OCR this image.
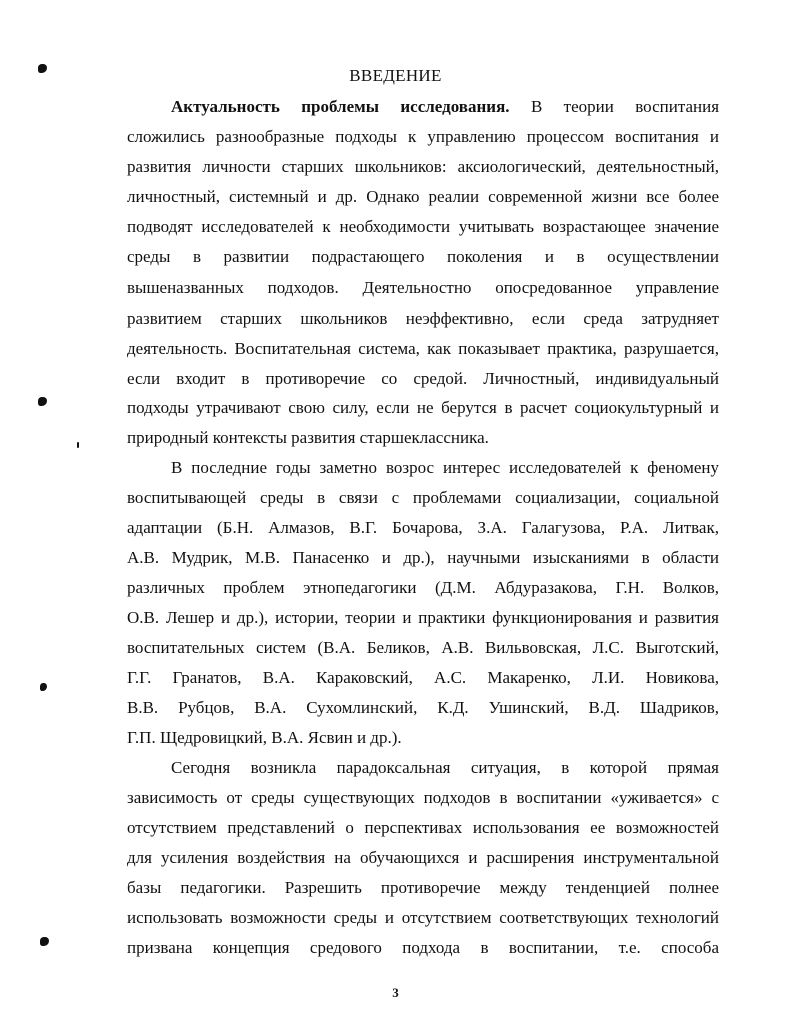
ВВЕДЕНИЕ
Актуальность проблемы исследования. В теории воспитания
сложились разнообразные подходы к управлению процессом воспитания и
развития личности старших школьников: аксиологический, деятельностный,
личностный, системный и др. Однако реалии современной жизни все более
подводят исследователей к необходимости учитывать возрастающее значение
среды в развитии подрастающего поколения и в осуществлении
вышеназванных подходов. Деятельностно опосредованное управление
развитием старших школьников неэффективно, если среда затрудняет
деятельность. Воспитательная система, как показывает практика, разрушается,
если входит в противоречие со средой. Личностный, индивидуальный
подходы утрачивают свою силу, если не берутся в расчет социокультурный и
природный контексты развития старшеклассника.
В последние годы заметно возрос интерес исследователей к феномену
воспитывающей среды в связи с проблемами социализации, социальной
адаптации (Б.Н. Алмазов, В.Г. Бочарова, З.А. Галагузова, Р.А. Литвак,
А.В. Мудрик, М.В. Панасенко и др.), научными изысканиями в области
различных проблем этнопедагогики (Д.М. Абдуразакова, Г.Н. Волков,
О.В. Лешер и др.), истории, теории и практики функционирования и развития
воспитательных систем (В.А. Беликов, А.В. Вильвовская, Л.С. Выготский,
Г.Г. Гранатов, В.А. Караковский, А.С. Макаренко, Л.И. Новикова,
В.В. Рубцов, В.А. Сухомлинский, К.Д. Ушинский, В.Д. Шадриков,
Г.П. Щедровицкий, В.А. Ясвин и др.).
Сегодня возникла парадоксальная ситуация, в которой прямая
зависимость от среды существующих подходов в воспитании «уживается» с
отсутствием представлений о перспективах использования ее возможностей
для усиления воздействия на обучающихся и расширения инструментальной
базы педагогики. Разрешить противоречие между тенденцией полнее
использовать возможности среды и отсутствием соответствующих технологий
призвана концепция средового подхода в воспитании, т.е. способа
3
